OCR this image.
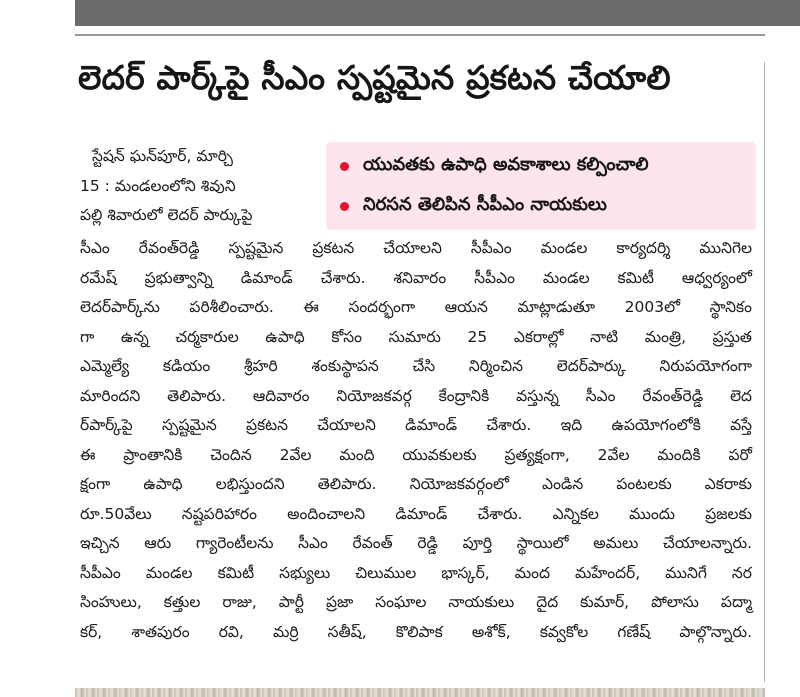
లెదర్ పార్క్‌పై సీఎం స్పష్టమైన ప్రకటన చేయాలి
యువతకు ఉపాధి అవకాశాలు కల్పించాలి
నిరసన తెలిపిన సీపీఎం నాయకులు
స్టేషన్ ఘన్‌పూర్, మార్చి
15 : మండలంలోని శివుని
పల్లి శివారులో లెదర్ పార్కుపై
సీఎం రేవంత్‌రెడ్డి స్పష్టమైన ప్రకటన చేయాలని సీపీఎం మండల కార్యదర్శి మునిగెల
రమేష్ ప్రభుత్వాన్ని డిమాండ్ చేశారు. శనివారం సీపీఎం మండల కమిటీ ఆధ్వర్యంలో
లెదర్‌పార్క్‌ను పరిశీలించారు. ఈ సందర్భంగా ఆయన మాట్లాడుతూ 2003లో స్థానికం
గా ఉన్న చర్మకారుల ఉపాధి కోసం సుమారు 25 ఎకరాల్లో నాటి మంత్రి, ప్రస్తుత
ఎమ్మెల్యే కడియం శ్రీహరి శంకుస్థాపన చేసి నిర్మించిన లెదర్‌పార్కు నిరుపయోగంగా
మారిందని తెలిపారు. ఆదివారం నియోజకవర్గ కేంద్రానికి వస్తున్న సీఎం రేవంత్‌రెడ్డి లెద
ర్‌పార్క్‌పై స్పష్టమైన ప్రకటన చేయాలని డిమాండ్ చేశారు. ఇది ఉపయోగంలోకి వస్తే
ఈ ప్రాంతానికి చెందిన 2వేల మంది యువకులకు ప్రత్యక్షంగా, 2వేల మందికి పరో
క్షంగా ఉపాధి లభిస్తుందని తెలిపారు. నియోజకవర్గంలో ఎండిన పంటలకు ఎకరాకు
రూ.50వేలు నష్టపరిహారం అందించాలని డిమాండ్ చేశారు. ఎన్నికల ముందు ప్రజలకు
ఇచ్చిన ఆరు గ్యారెంటీలను సీఎం రేవంత్ రెడ్డి పూర్తి స్థాయిలో అమలు చేయాలన్నారు.
సీపీఎం మండల కమిటీ సభ్యులు చిలుముల భాస్కర్, మంద మహేందర్, మునిగే నర
సింహులు, కత్తుల రాజు, పార్టీ ప్రజా సంఘాల నాయకులు దైద కుమార్, పోలాసు పద్మా
కర్, శాతపురం రవి, మర్రి సతీష్, కొలిపాక అశోక్, కవ్వకోల గణేష్ పాల్గొన్నారు.
